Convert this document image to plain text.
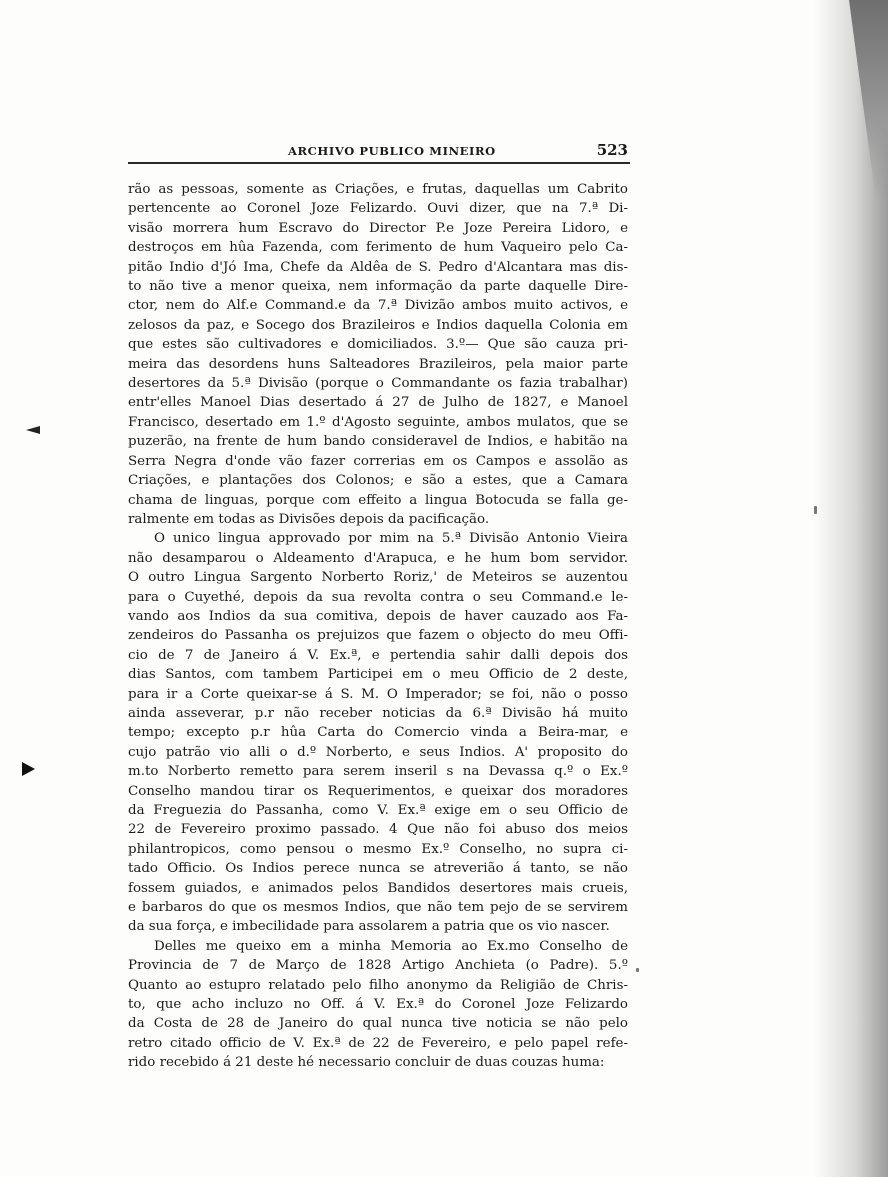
ARCHIVO PUBLICO MINEIRO	523
rão as pessoas, somente as Criações, e frutas, daquellas um Cabrito
pertencente ao Coronel Joze Felizardo. Ouvi dizer, que na 7.ª Di-
visão morrera hum Escravo do Director P.e Joze Pereira Lidoro, e
destroços em hûa Fazenda, com ferimento de hum Vaqueiro pelo Ca-
pitão Indio d'Jó Ima, Chefe da Aldêa de S. Pedro d'Alcantara mas dis-
to não tive a menor queixa, nem informação da parte daquelle Dire-
ctor, nem do Alf.e Command.e da 7.ª Divizão ambos muito activos, e
zelosos da paz, e Socego dos Brazileiros e Indios daquella Colonia em
que estes são cultivadores e domiciliados. 3.º— Que são cauza pri-
meira das desordens huns Salteadores Brazileiros, pela maior parte
desertores da 5.ª Divisão (porque o Commandante os fazia trabalhar)
entr'elles Manoel Dias desertado á 27 de Julho de 1827, e Manoel
Francisco, desertado em 1.º d'Agosto seguinte, ambos mulatos, que se
puzerão, na frente de hum bando consideravel de Indios, e habitão na
Serra Negra d'onde vão fazer correrias em os Campos e assolão as
Criações, e plantações dos Colonos; e são a estes, que a Camara
chama de linguas, porque com effeito a lingua Botocuda se falla ge-
ralmente em todas as Divisões depois da pacificação.
O unico lingua approvado por mim na 5.ª Divisão Antonio Vieira
não desamparou o Aldeamento d'Arapuca, e he hum bom servidor.
O outro Lingua Sargento Norberto Roriz,' de Meteiros se auzentou
para o Cuyethé, depois da sua revolta contra o seu Command.e le-
vando aos Indios da sua comitiva, depois de haver cauzado aos Fa-
zendeiros do Passanha os prejuizos que fazem o objecto do meu Offi-
cio de 7 de Janeiro á V. Ex.ª, e pertendia sahir dalli depois dos
dias Santos, com tambem Participei em o meu Officio de 2 deste,
para ir a Corte queixar-se á S. M. O Imperador; se foi, não o posso
ainda asseverar, p.r não receber noticias da 6.ª Divisão há muito
tempo; excepto p.r hûa Carta do Comercio vinda a Beira-mar, e
cujo patrão vio alli o d.º Norberto, e seus Indios. A' proposito do
m.to Norberto remetto para serem inseril s na Devassa q.º o Ex.º
Conselho mandou tirar os Requerimentos, e queixar dos moradores
da Freguezia do Passanha, como V. Ex.ª exige em o seu Officio de
22 de Fevereiro proximo passado. 4 Que não foi abuso dos meios
philantropicos, como pensou o mesmo Ex.º Conselho, no supra ci-
tado Officio. Os Indios perece nunca se atreverião á tanto, se não
fossem guiados, e animados pelos Bandidos desertores mais crueis,
e barbaros do que os mesmos Indios, que não tem pejo de se servirem
da sua força, e imbecilidade para assolarem a patria que os vio nascer.
Delles me queixo em a minha Memoria ao Ex.mo Conselho de
Provincia de 7 de Março de 1828 Artigo Anchieta (o Padre). 5.º
Quanto ao estupro relatado pelo filho anonymo da Religião de Chris-
to, que acho incluzo no Off. á V. Ex.ª do Coronel Joze Felizardo
da Costa de 28 de Janeiro do qual nunca tive noticia se não pelo
retro citado officio de V. Ex.ª de 22 de Fevereiro, e pelo papel refe-
rido recebido á 21 deste hé necessario concluir de duas couzas huma:
